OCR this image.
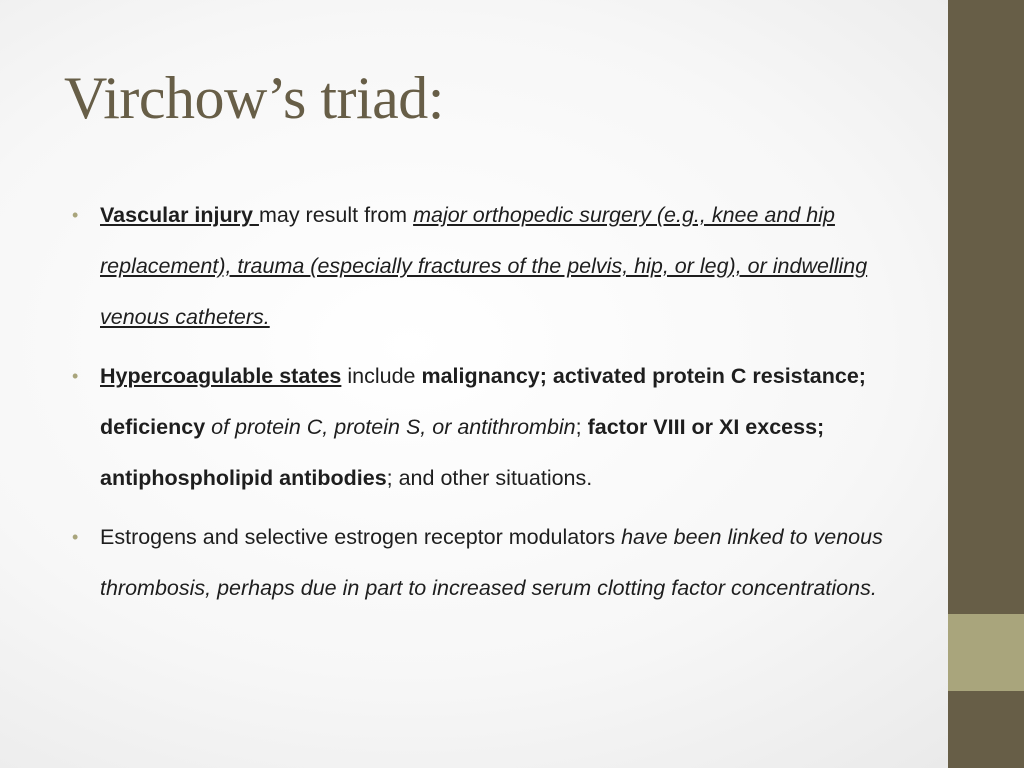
Virchow’s triad:
• Vascular injury may result from major orthopedic surgery (e.g., knee and hip replacement), trauma (especially fractures of the pelvis, hip, or leg), or indwelling venous catheters.
• Hypercoagulable states include malignancy; activated protein C resistance; deficiency of protein C, protein S, or antithrombin; factor VIII or XI excess; antiphospholipid antibodies; and other situations.
• Estrogens and selective estrogen receptor modulators have been linked to venous thrombosis, perhaps due in part to increased serum clotting factor concentrations.
